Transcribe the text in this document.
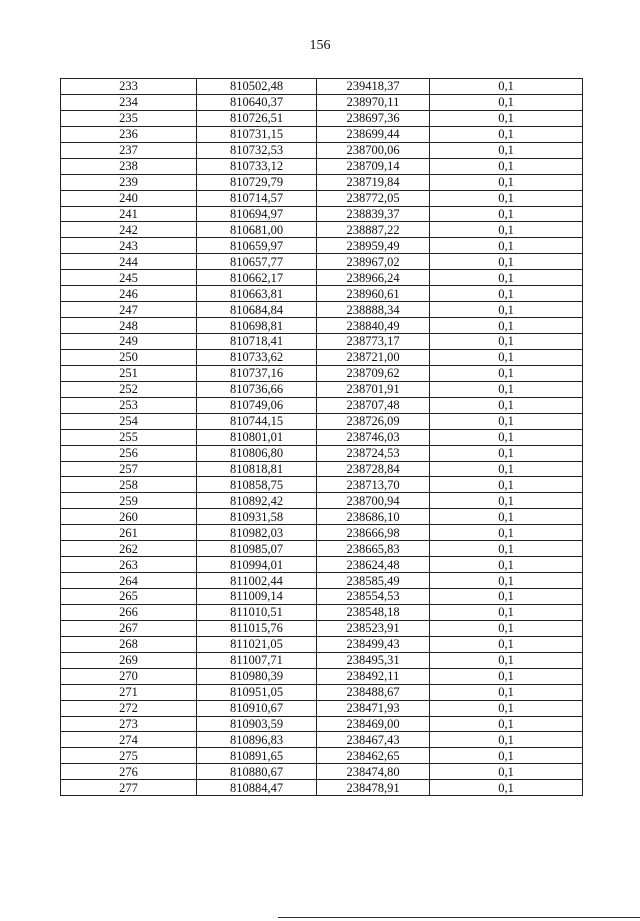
156
233	810502,48	239418,37	0,1
234	810640,37	238970,11	0,1
235	810726,51	238697,36	0,1
236	810731,15	238699,44	0,1
237	810732,53	238700,06	0,1
238	810733,12	238709,14	0,1
239	810729,79	238719,84	0,1
240	810714,57	238772,05	0,1
241	810694,97	238839,37	0,1
242	810681,00	238887,22	0,1
243	810659,97	238959,49	0,1
244	810657,77	238967,02	0,1
245	810662,17	238966,24	0,1
246	810663,81	238960,61	0,1
247	810684,84	238888,34	0,1
248	810698,81	238840,49	0,1
249	810718,41	238773,17	0,1
250	810733,62	238721,00	0,1
251	810737,16	238709,62	0,1
252	810736,66	238701,91	0,1
253	810749,06	238707,48	0,1
254	810744,15	238726,09	0,1
255	810801,01	238746,03	0,1
256	810806,80	238724,53	0,1
257	810818,81	238728,84	0,1
258	810858,75	238713,70	0,1
259	810892,42	238700,94	0,1
260	810931,58	238686,10	0,1
261	810982,03	238666,98	0,1
262	810985,07	238665,83	0,1
263	810994,01	238624,48	0,1
264	811002,44	238585,49	0,1
265	811009,14	238554,53	0,1
266	811010,51	238548,18	0,1
267	811015,76	238523,91	0,1
268	811021,05	238499,43	0,1
269	811007,71	238495,31	0,1
270	810980,39	238492,11	0,1
271	810951,05	238488,67	0,1
272	810910,67	238471,93	0,1
273	810903,59	238469,00	0,1
274	810896,83	238467,43	0,1
275	810891,65	238462,65	0,1
276	810880,67	238474,80	0,1
277	810884,47	238478,91	0,1
